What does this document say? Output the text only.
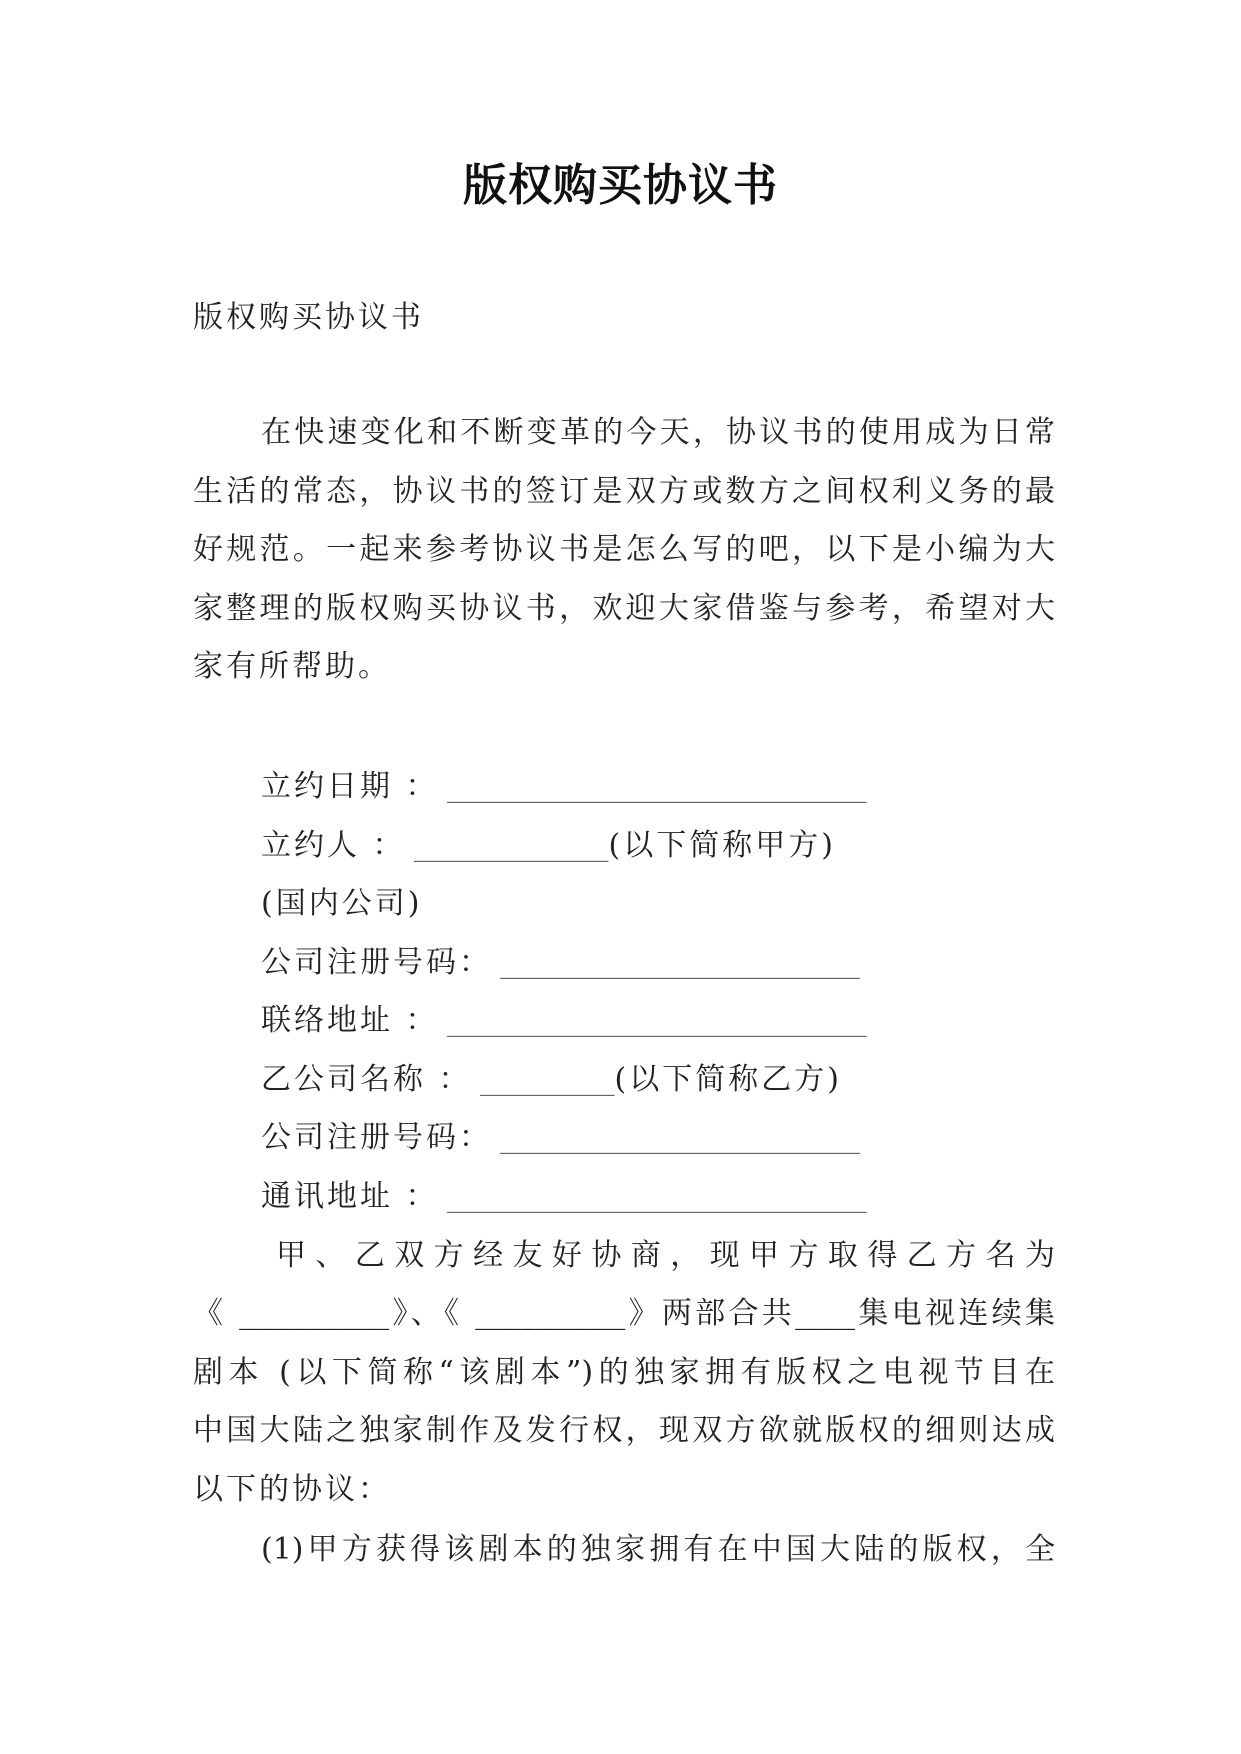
版权购买协议书
版权购买协议书
在快速变化和不断变革的今天，协议书的使用成为日常
生活的常态，协议书的签订是双方或数方之间权利义务的最
好规范。一起来参考协议书是怎么写的吧，以下是小编为大
家整理的版权购买协议书，欢迎大家借鉴与参考，希望对大
家有所帮助。
立约日期 ： ____________________________
立约人 ： _____________(以下简称甲方)
(国内公司)
公司注册号码： ________________________
联络地址 ： ____________________________
乙公司名称 ： _________(以下简称乙方)
公司注册号码： ________________________
通讯地址 ： ____________________________
甲、乙双方经友好协商，现甲方取得乙方名为
《 __________》、《 __________》两部合共____集电视连续集
剧本 (以下简称“该剧本”)的独家拥有版权之电视节目在
中国大陆之独家制作及发行权，现双方欲就版权的细则达成
以下的协议：
(1)甲方获得该剧本的独家拥有在中国大陆的版权，全
